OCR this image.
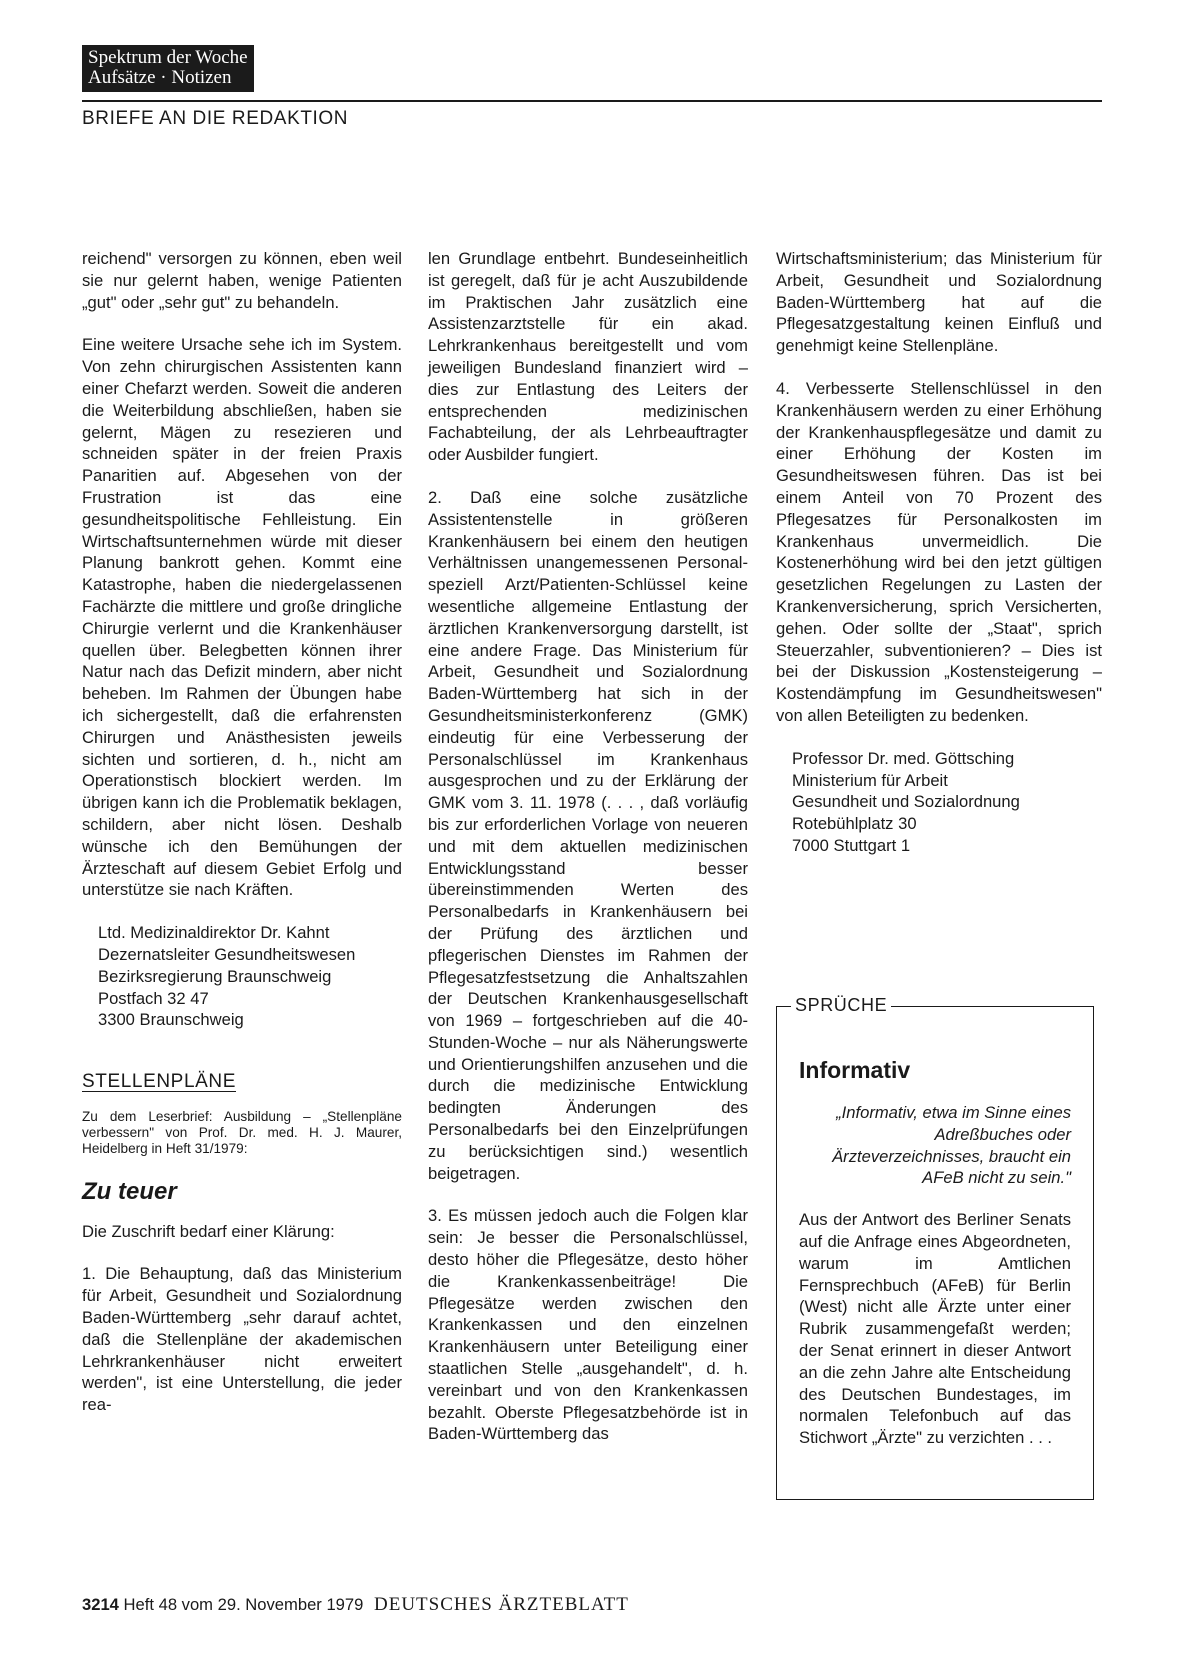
Spektrum der Woche
Aufsätze · Notizen
BRIEFE AN DIE REDAKTION

reichend" versorgen zu können, eben weil sie nur gelernt haben, wenige Patienten „gut" oder „sehr gut" zu behandeln.

Eine weitere Ursache sehe ich im System. Von zehn chirurgischen Assistenten kann einer Chefarzt werden. Soweit die anderen die Weiterbildung abschließen, haben sie gelernt, Mägen zu resezieren und schneiden später in der freien Praxis Panaritien auf. Abgesehen von der Frustration ist das eine gesundheitspolitische Fehlleistung. Ein Wirtschaftsunternehmen würde mit dieser Planung bankrott gehen. Kommt eine Katastrophe, haben die niedergelassenen Fachärzte die mittlere und große dringliche Chirurgie verlernt und die Krankenhäuser quellen über. Belegbetten können ihrer Natur nach das Defizit mindern, aber nicht beheben. Im Rahmen der Übungen habe ich sichergestellt, daß die erfahrensten Chirurgen und Anästhesisten jeweils sichten und sortieren, d. h., nicht am Operationstisch blockiert werden. Im übrigen kann ich die Problematik beklagen, schildern, aber nicht lösen. Deshalb wünsche ich den Bemühungen der Ärzteschaft auf diesem Gebiet Erfolg und unterstütze sie nach Kräften.

Ltd. Medizinaldirektor Dr. Kahnt
Dezernatsleiter Gesundheitswesen
Bezirksregierung Braunschweig
Postfach 32 47
3300 Braunschweig
STELLENPLÄNE
Zu dem Leserbrief: Ausbildung – „Stellenpläne verbessern" von Prof. Dr. med. H. J. Maurer, Heidelberg in Heft 31/1979:
Zu teuer

Die Zuschrift bedarf einer Klärung:

1. Die Behauptung, daß das Ministerium für Arbeit, Gesundheit und Sozialordnung Baden-Württemberg „sehr darauf achtet, daß die Stellenpläne der akademischen Lehrkrankenhäuser nicht erweitert werden", ist eine Unterstellung, die jeder rea-

len Grundlage entbehrt. Bundeseinheitlich ist geregelt, daß für je acht Auszubildende im Praktischen Jahr zusätzlich eine Assistenzarztstelle für ein akad. Lehrkrankenhaus bereitgestellt und vom jeweiligen Bundesland finanziert wird – dies zur Entlastung des Leiters der entsprechenden medizinischen Fachabteilung, der als Lehrbeauftragter oder Ausbilder fungiert.

2. Daß eine solche zusätzliche Assistentenstelle in größeren Krankenhäusern bei einem den heutigen Verhältnissen unangemessenen Personal- speziell Arzt/Patienten-Schlüssel keine wesentliche allgemeine Entlastung der ärztlichen Krankenversorgung darstellt, ist eine andere Frage. Das Ministerium für Arbeit, Gesundheit und Sozialordnung Baden-Württemberg hat sich in der Gesundheitsministerkonferenz (GMK) eindeutig für eine Verbesserung der Personalschlüssel im Krankenhaus ausgesprochen und zu der Erklärung der GMK vom 3. 11. 1978 (. . . , daß vorläufig bis zur erforderlichen Vorlage von neueren und mit dem aktuellen medizinischen Entwicklungsstand besser übereinstimmenden Werten des Personalbedarfs in Krankenhäusern bei der Prüfung des ärztlichen und pflegerischen Dienstes im Rahmen der Pflegesatzfestsetzung die Anhaltszahlen der Deutschen Krankenhausgesellschaft von 1969 – fortgeschrieben auf die 40-Stunden-Woche – nur als Näherungswerte und Orientierungshilfen anzusehen und die durch die medizinische Entwicklung bedingten Änderungen des Personalbedarfs bei den Einzelprüfungen zu berücksichtigen sind.) wesentlich beigetragen.

3. Es müssen jedoch auch die Folgen klar sein: Je besser die Personalschlüssel, desto höher die Pflegesätze, desto höher die Krankenkassenbeiträge! Die Pflegesätze werden zwischen den Krankenkassen und den einzelnen Krankenhäusern unter Beteiligung einer staatlichen Stelle „ausgehandelt", d. h. vereinbart und von den Krankenkassen bezahlt. Oberste Pflegesatzbehörde ist in Baden-Württemberg das

Wirtschaftsministerium; das Ministerium für Arbeit, Gesundheit und Sozialordnung Baden-Württemberg hat auf die Pflegesatzgestaltung keinen Einfluß und genehmigt keine Stellenpläne.

4. Verbesserte Stellenschlüssel in den Krankenhäusern werden zu einer Erhöhung der Krankenhauspflegesätze und damit zu einer Erhöhung der Kosten im Gesundheitswesen führen. Das ist bei einem Anteil von 70 Prozent des Pflegesatzes für Personalkosten im Krankenhaus unvermeidlich. Die Kostenerhöhung wird bei den jetzt gültigen gesetzlichen Regelungen zu Lasten der Krankenversicherung, sprich Versicherten, gehen. Oder sollte der „Staat", sprich Steuerzahler, subventionieren? – Dies ist bei der Diskussion „Kostensteigerung – Kostendämpfung im Gesundheitswesen" von allen Beteiligten zu bedenken.

Professor Dr. med. Göttsching
Ministerium für Arbeit
Gesundheit und Sozialordnung
Rotebühlplatz 30
7000 Stuttgart 1
SPRÜCHE
Informativ
„Informativ, etwa im Sinne eines Adreßbuches oder Ärzteverzeichnisses, braucht ein AFeB nicht zu sein."
Aus der Antwort des Berliner Senats auf die Anfrage eines Abgeordneten, warum im Amtlichen Fernsprechbuch (AFeB) für Berlin (West) nicht alle Ärzte unter einer Rubrik zusammengefaßt werden; der Senat erinnert in dieser Antwort an die zehn Jahre alte Entscheidung des Deutschen Bundestages, im normalen Telefonbuch auf das Stichwort „Ärzte" zu verzichten . . .
3214 Heft 48 vom 29. November 1979 DEUTSCHES ÄRZTEBLATT
